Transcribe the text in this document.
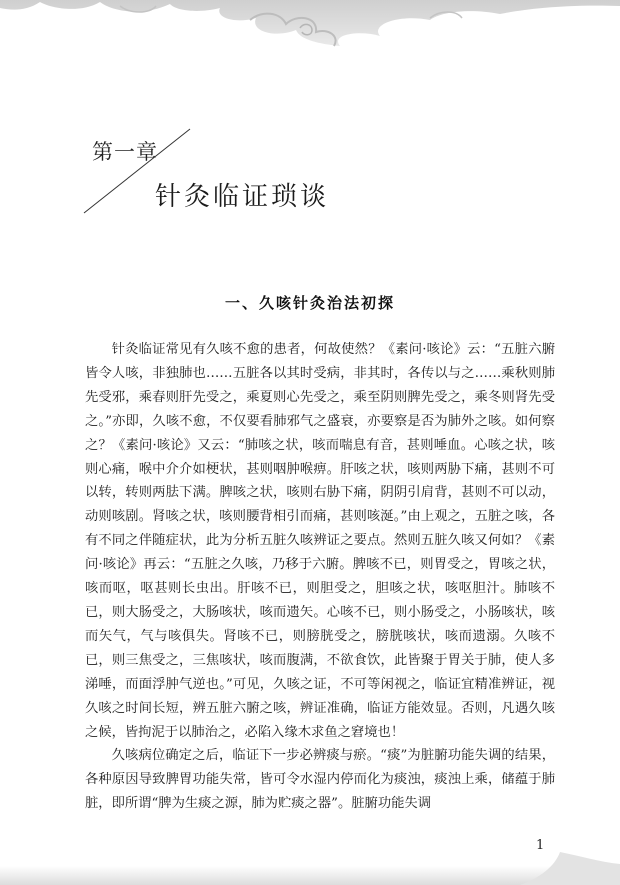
第一章
针灸临证琐谈
一、久咳针灸治法初探

针灸临证常见有久咳不愈的患者，何故使然？《素问·咳论》云：“五脏六腑皆令人咳，非独肺也……五脏各以其时受病，非其时，各传以与之……乘秋则肺先受邪，乘春则肝先受之，乘夏则心先受之，乘至阴则脾先受之，乘冬则肾先受之。”亦即，久咳不愈，不仅要看肺邪气之盛衰，亦要察是否为肺外之咳。如何察之？《素问·咳论》又云：“肺咳之状，咳而喘息有音，甚则唾血。心咳之状，咳则心痛，喉中介介如梗状，甚则咽肿喉痹。肝咳之状，咳则两胁下痛，甚则不可以转，转则两胠下满。脾咳之状，咳则右胁下痛，阴阴引肩背，甚则不可以动，动则咳剧。肾咳之状，咳则腰背相引而痛，甚则咳涎。”由上观之，五脏之咳，各有不同之伴随症状，此为分析五脏久咳辨证之要点。然则五脏久咳又何如？《素问·咳论》再云：“五脏之久咳，乃移于六腑。脾咳不已，则胃受之，胃咳之状，咳而呕，呕甚则长虫出。肝咳不已，则胆受之，胆咳之状，咳呕胆汁。肺咳不已，则大肠受之，大肠咳状，咳而遗矢。心咳不已，则小肠受之，小肠咳状，咳而矢气，气与咳俱失。肾咳不已，则膀胱受之，膀胱咳状，咳而遗溺。久咳不已，则三焦受之，三焦咳状，咳而腹满，不欲食饮，此皆聚于胃关于肺，使人多涕唾，而面浮肿气逆也。”可见，久咳之证，不可等闲视之，临证宜精准辨证，视久咳之时间长短，辨五脏六腑之咳，辨证准确，临证方能效显。否则，凡遇久咳之候，皆拘泥于以肺治之，必陷入缘木求鱼之窘境也！

久咳病位确定之后，临证下一步必辨痰与瘀。“痰”为脏腑功能失调的结果，各种原因导致脾胃功能失常，皆可令水湿内停而化为痰浊，痰浊上乘，储蕴于肺脏，即所谓“脾为生痰之源，肺为贮痰之器”。脏腑功能失调

1
